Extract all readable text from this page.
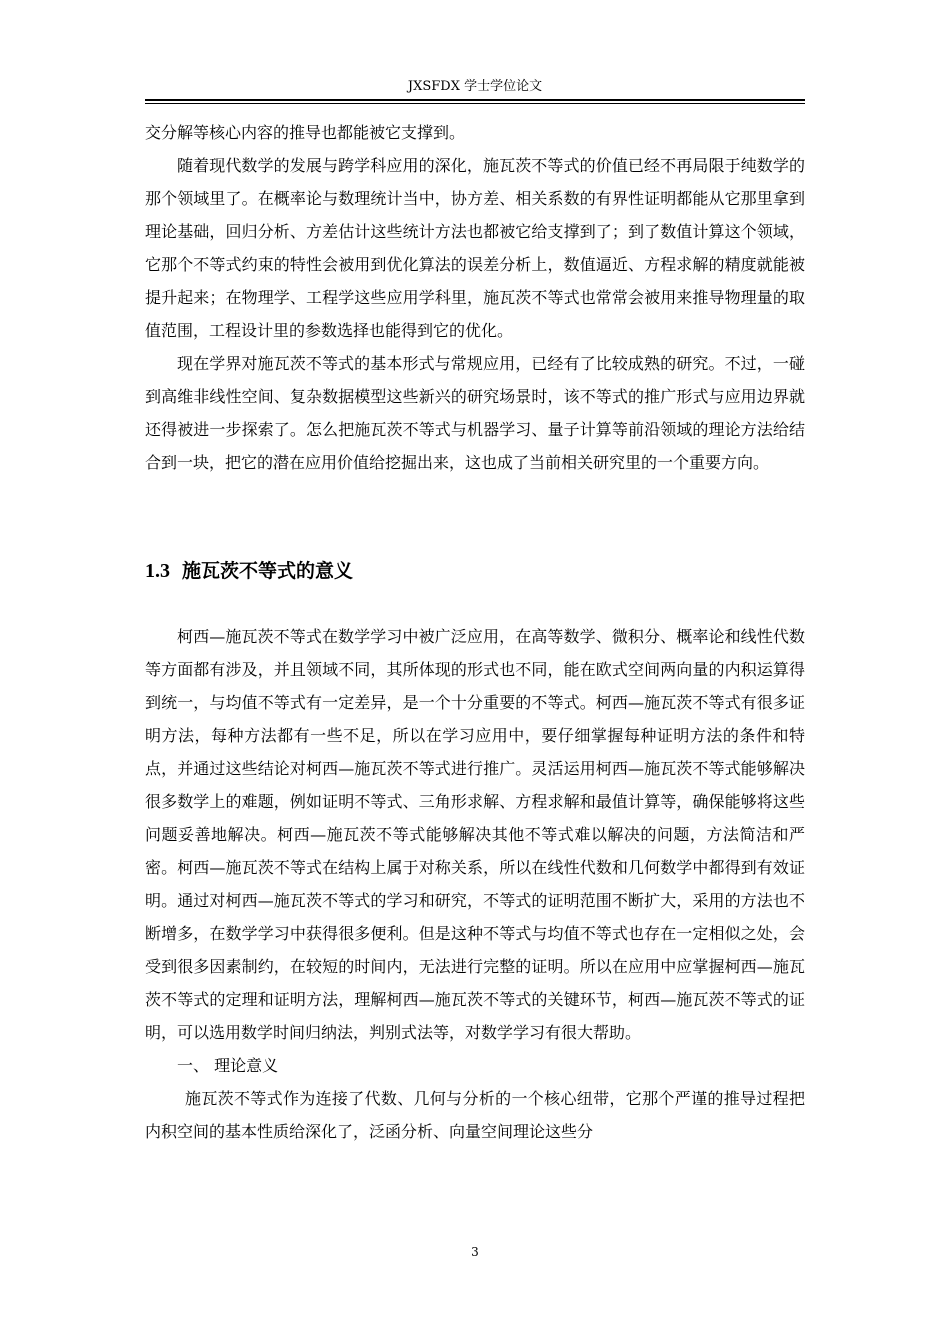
JXSFDX 学士学位论文

交分解等核心内容的推导也都能被它支撑到。

随着现代数学的发展与跨学科应用的深化，施瓦茨不等式的价值已经不再局限于纯数学的那个领域里了。在概率论与数理统计当中，协方差、相关系数的有界性证明都能从它那里拿到理论基础，回归分析、方差估计这些统计方法也都被它给支撑到了；到了数值计算这个领域，它那个不等式约束的特性会被用到优化算法的误差分析上，数值逼近、方程求解的精度就能被提升起来；在物理学、工程学这些应用学科里，施瓦茨不等式也常常会被用来推导物理量的取值范围，工程设计里的参数选择也能得到它的优化。

现在学界对施瓦茨不等式的基本形式与常规应用，已经有了比较成熟的研究。不过，一碰到高维非线性空间、复杂数据模型这些新兴的研究场景时，该不等式的推广形式与应用边界就还得被进一步探索了。怎么把施瓦茨不等式与机器学习、量子计算等前沿领域的理论方法给结合到一块，把它的潜在应用价值给挖掘出来，这也成了当前相关研究里的一个重要方向。

1.3 施瓦茨不等式的意义

柯西—施瓦茨不等式在数学学习中被广泛应用，在高等数学、微积分、概率论和线性代数等方面都有涉及，并且领域不同，其所体现的形式也不同，能在欧式空间两向量的内积运算得到统一，与均值不等式有一定差异，是一个十分重要的不等式。柯西—施瓦茨不等式有很多证明方法，每种方法都有一些不足，所以在学习应用中，要仔细掌握每种证明方法的条件和特点，并通过这些结论对柯西—施瓦茨不等式进行推广。灵活运用柯西—施瓦茨不等式能够解决很多数学上的难题，例如证明不等式、三角形求解、方程求解和最值计算等，确保能够将这些问题妥善地解决。柯西—施瓦茨不等式能够解决其他不等式难以解决的问题，方法简洁和严密。柯西—施瓦茨不等式在结构上属于对称关系，所以在线性代数和几何数学中都得到有效证明。通过对柯西—施瓦茨不等式的学习和研究，不等式的证明范围不断扩大，采用的方法也不断增多，在数学学习中获得很多便利。但是这种不等式与均值不等式也存在一定相似之处，会受到很多因素制约，在较短的时间内，无法进行完整的证明。所以在应用中应掌握柯西—施瓦茨不等式的定理和证明方法，理解柯西—施瓦茨不等式的关键环节，柯西—施瓦茨不等式的证明，可以选用数学时间归纳法，判别式法等，对数学学习有很大帮助。

一、 理论意义

施瓦茨不等式作为连接了代数、几何与分析的一个核心纽带，它那个严谨的推导过程把内积空间的基本性质给深化了，泛函分析、向量空间理论这些分

3
